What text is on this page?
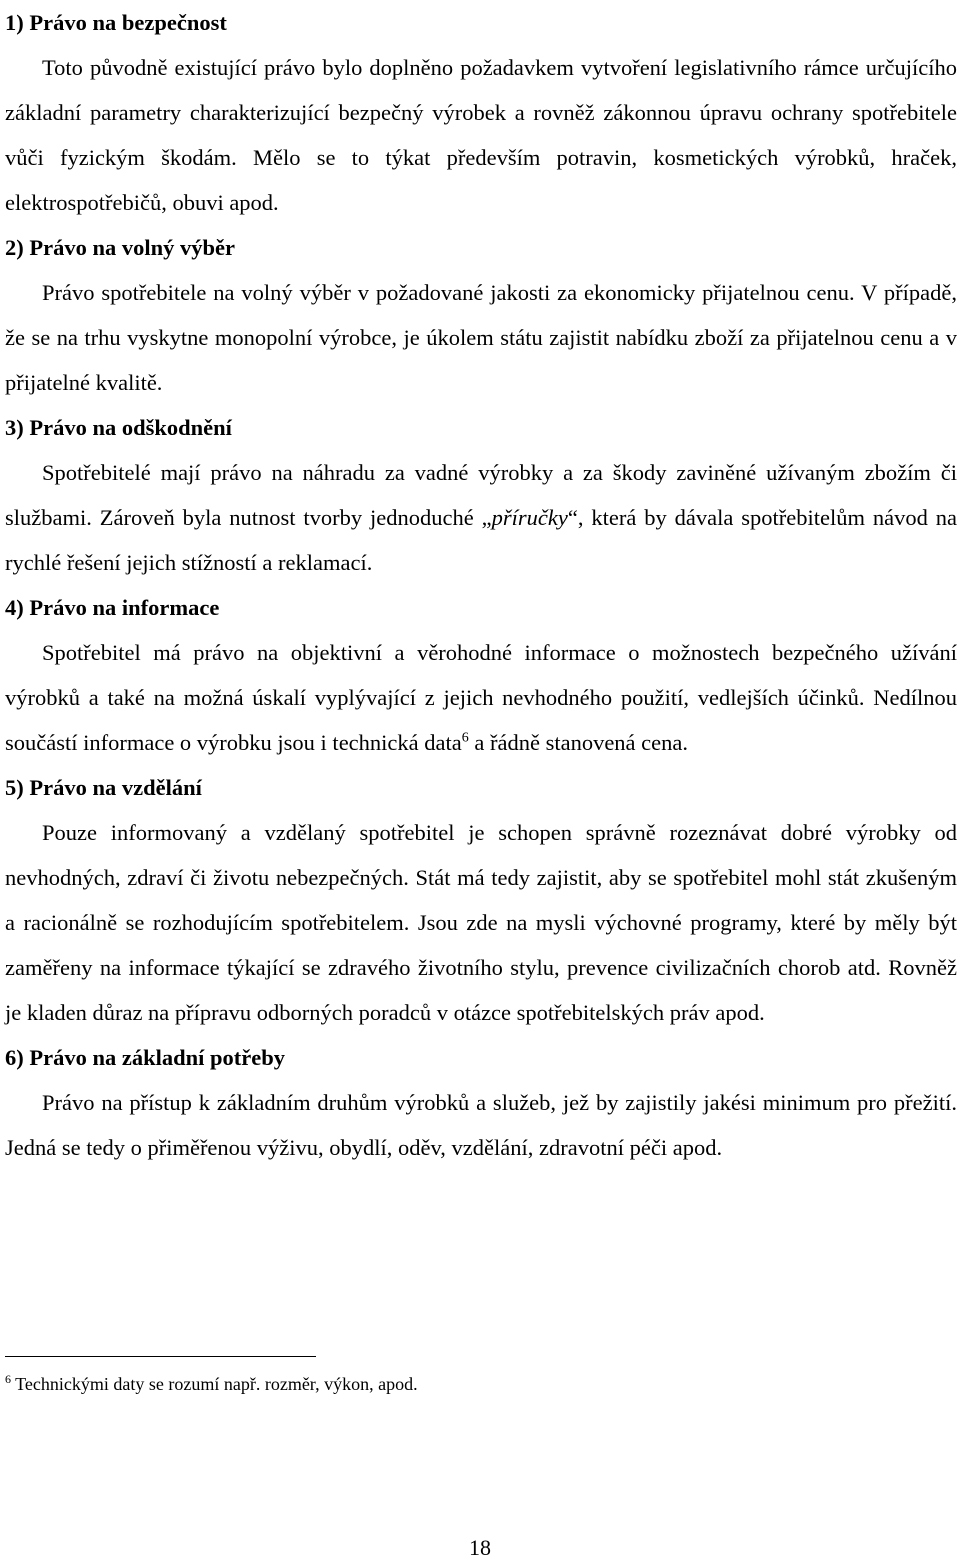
1) Právo na bezpečnost

Toto původně existující právo bylo doplněno požadavkem vytvoření legislativního rámce určujícího základní parametry charakterizující bezpečný výrobek a rovněž zákonnou úpravu ochrany spotřebitele vůči fyzickým škodám. Mělo se to týkat především potravin, kosmetických výrobků, hraček, elektrospotřebičů, obuvi apod.

2) Právo na volný výběr

Právo spotřebitele na volný výběr v požadované jakosti za ekonomicky přijatelnou cenu. V případě, že se na trhu vyskytne monopolní výrobce, je úkolem státu zajistit nabídku zboží za přijatelnou cenu a v přijatelné kvalitě.

3) Právo na odškodnění

Spotřebitelé mají právo na náhradu za vadné výrobky a za škody zaviněné užívaným zbožím či službami. Zároveň byla nutnost tvorby jednoduché „příručky“, která by dávala spotřebitelům návod na rychlé řešení jejich stížností a reklamací.

4) Právo na informace

Spotřebitel má právo na objektivní a věrohodné informace o možnostech bezpečného užívání výrobků a také na možná úskalí vyplývající z jejich nevhodného použití, vedlejších účinků. Nedílnou součástí informace o výrobku jsou i technická data$^6$ a řádně stanovená cena.

5) Právo na vzdělání

Pouze informovaný a vzdělaný spotřebitel je schopen správně rozeznávat dobré výrobky od nevhodných, zdraví či životu nebezpečných. Stát má tedy zajistit, aby se spotřebitel mohl stát zkušeným a racionálně se rozhodujícím spotřebitelem. Jsou zde na mysli výchovné programy, které by měly být zaměřeny na informace týkající se zdravého životního stylu, prevence civilizačních chorob atd. Rovněž je kladen důraz na přípravu odborných poradců v otázce spotřebitelských práv apod.

6) Právo na základní potřeby

Právo na přístup k základním druhům výrobků a služeb, jež by zajistily jakési minimum pro přežití. Jedná se tedy o přiměřenou výživu, obydlí, oděv, vzdělání, zdravotní péči apod.

$^6$ Technickými daty se rozumí např. rozměr, výkon, apod.
18
